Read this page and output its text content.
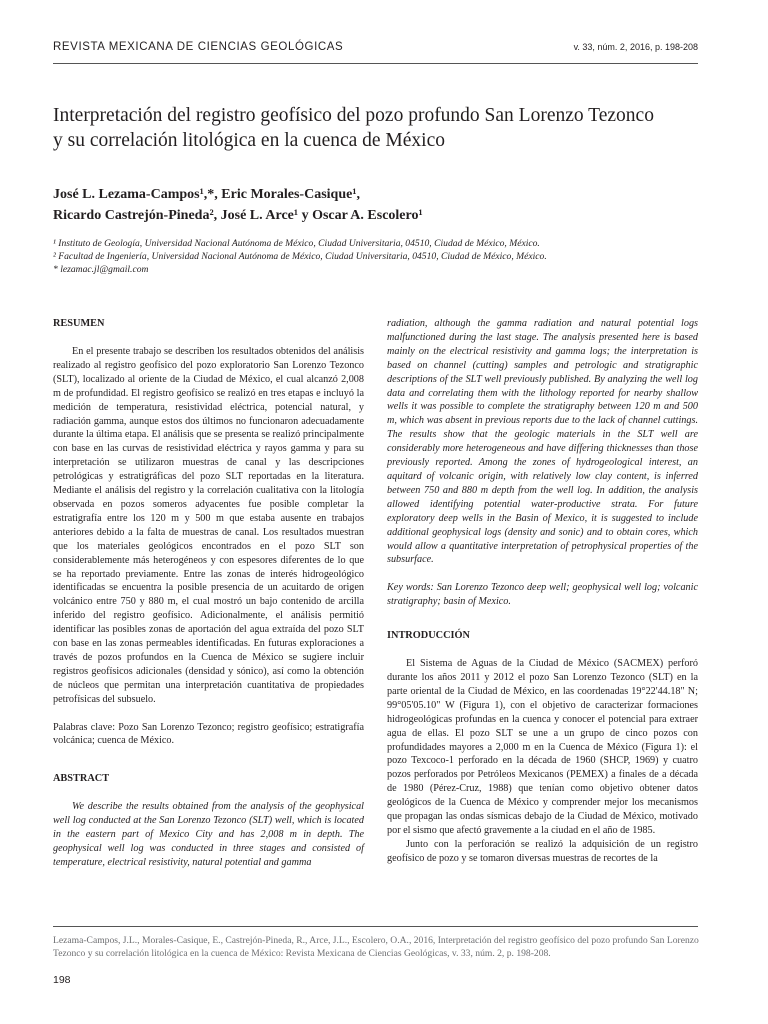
REVISTA MEXICANA DE CIENCIAS GEOLÓGICAS	v. 33, núm. 2, 2016, p. 198-208
Interpretación del registro geofísico del pozo profundo San Lorenzo Tezonco
y su correlación litológica en la cuenca de México
José L. Lezama-Campos¹,*, Eric Morales-Casique¹,
Ricardo Castrejón-Pineda², José L. Arce¹ y Oscar A. Escolero¹
¹ Instituto de Geología, Universidad Nacional Autónoma de México, Ciudad Universitaria, 04510, Ciudad de México, México.
² Facultad de Ingeniería, Universidad Nacional Autónoma de México, Ciudad Universitaria, 04510, Ciudad de México, México.
* lezamac.jl@gmail.com
RESUMEN

En el presente trabajo se describen los resultados obtenidos del análisis realizado al registro geofísico del pozo exploratorio San Lorenzo Tezonco (SLT), localizado al oriente de la Ciudad de México, el cual alcanzó 2,008 m de profundidad. El registro geofísico se realizó en tres etapas e incluyó la medición de temperatura, resistividad eléctrica, potencial natural, y radiación gamma, aunque estos dos últimos no funcionaron adecuadamente durante la última etapa. El análisis que se presenta se realizó principalmente con base en las curvas de resistividad eléctrica y rayos gamma y para su interpretación se utilizaron muestras de canal y las descripciones petrológicas y estratigráficas del pozo SLT reportadas en la literatura. Mediante el análisis del registro y la correlación cualitativa con la litología observada en pozos someros adyacentes fue posible completar la estratigrafía entre los 120 m y 500 m que estaba ausente en trabajos anteriores debido a la falta de muestras de canal. Los resultados muestran que los materiales geológicos encontrados en el pozo SLT son considerablemente más heterogéneos y con espesores diferentes de lo que se ha reportado previamente. Entre las zonas de interés hidrogeológico identificadas se encuentra la posible presencia de un acuitardo de origen volcánico entre 750 y 880 m, el cual mostró un bajo contenido de arcilla inferido del registro geofísico. Adicionalmente, el análisis permitió identificar las posibles zonas de aportación del agua extraída del pozo SLT con base en las zonas permeables identificadas. En futuras exploraciones a través de pozos profundos en la Cuenca de México se sugiere incluir registros geofísicos adicionales (densidad y sónico), así como la obtención de núcleos que permitan una interpretación cuantitativa de propiedades petrofísicas del subsuelo.

Palabras clave: Pozo San Lorenzo Tezonco; registro geofísico; estratigrafía volcánica; cuenca de México.

ABSTRACT

We describe the results obtained from the analysis of the geophysical well log conducted at the San Lorenzo Tezonco (SLT) well, which is located in the eastern part of Mexico City and has 2,008 m in depth. The geophysical well log was conducted in three stages and consisted of temperature, electrical resistivity, natural potential and gamma

radiation, although the gamma radiation and natural potential logs malfunctioned during the last stage. The analysis presented here is based mainly on the electrical resistivity and gamma logs; the interpretation is based on channel (cutting) samples and petrologic and stratigraphic descriptions of the SLT well previously published. By analyzing the well log data and correlating them with the lithology reported for nearby shallow wells it was possible to complete the stratigraphy between 120 m and 500 m, which was absent in previous reports due to the lack of channel cuttings. The results show that the geologic materials in the SLT well are considerably more heterogeneous and have differing thicknesses than those previously reported. Among the zones of hydrogeological interest, an aquitard of volcanic origin, with relatively low clay content, is inferred between 750 and 880 m depth from the well log. In addition, the analysis allowed identifying potential water-productive strata. For future exploratory deep wells in the Basin of Mexico, it is suggested to include additional geophysical logs (density and sonic) and to obtain cores, which would allow a quantitative interpretation of petrophysical properties of the subsurface.

Key words: San Lorenzo Tezonco deep well; geophysical well log; volcanic stratigraphy; basin of Mexico.

INTRODUCCIÓN

El Sistema de Aguas de la Ciudad de México (SACMEX) perforó durante los años 2011 y 2012 el pozo San Lorenzo Tezonco (SLT) en la parte oriental de la Ciudad de México, en las coordenadas 19°22'44.18" N; 99°05'05.10" W (Figura 1), con el objetivo de caracterizar formaciones hidrogeológicas profundas en la cuenca y conocer el potencial para extraer agua de ellas. El pozo SLT se une a un grupo de cinco pozos con profundidades mayores a 2,000 m en la Cuenca de México (Figura 1): el pozo Texcoco-1 perforado en la década de 1960 (SHCP, 1969) y cuatro pozos perforados por Petróleos Mexicanos (PEMEX) a finales de a década de 1980 (Pérez-Cruz, 1988) que tenían como objetivo obtener datos geológicos de la Cuenca de México y comprender mejor los mecanismos que propagan las ondas sísmicas debajo de la Ciudad de México, motivado por el sismo que afectó gravemente a la ciudad en el año de 1985.

Junto con la perforación se realizó la adquisición de un registro geofísico de pozo y se tomaron diversas muestras de recortes de la

Lezama-Campos, J.L., Morales-Casique, E., Castrejón-Pineda, R., Arce, J.L., Escolero, O.A., 2016, Interpretación del registro geofísico del pozo profundo San Lorenzo Tezonco y su correlación litológica en la cuenca de México: Revista Mexicana de Ciencias Geológicas, v. 33, núm. 2, p. 198-208.
198
